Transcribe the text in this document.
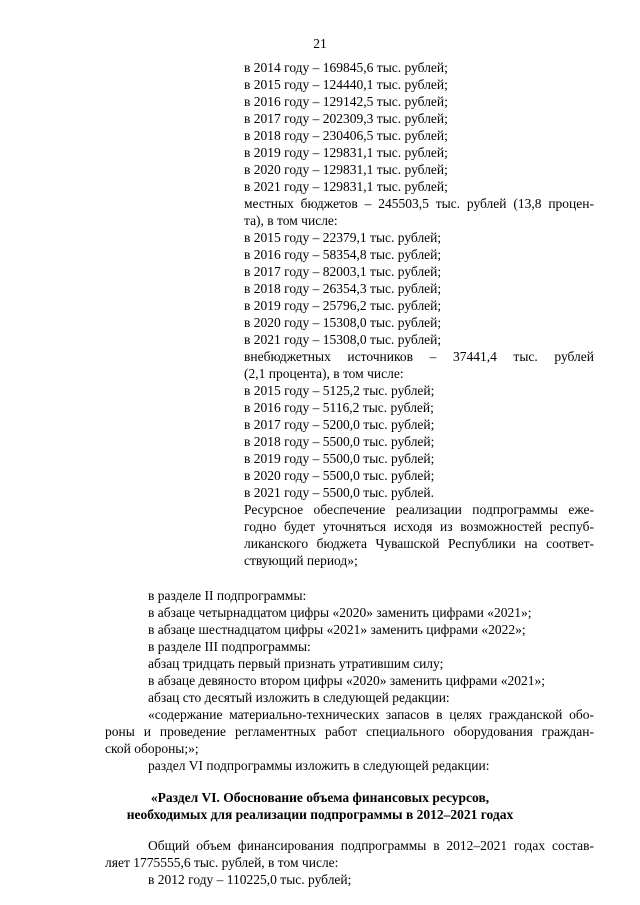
21
в 2014 году – 169845,6 тыс. рублей;
в 2015 году – 124440,1 тыс. рублей;
в 2016 году – 129142,5 тыс. рублей;
в 2017 году – 202309,3 тыс. рублей;
в 2018 году – 230406,5 тыс. рублей;
в 2019 году – 129831,1 тыс. рублей;
в 2020 году – 129831,1 тыс. рублей;
в 2021 году – 129831,1 тыс. рублей;
местных бюджетов – 245503,5 тыс. рублей (13,8 процен-
та), в том числе:
в 2015 году – 22379,1 тыс. рублей;
в 2016 году – 58354,8 тыс. рублей;
в 2017 году – 82003,1 тыс. рублей;
в 2018 году – 26354,3 тыс. рублей;
в 2019 году – 25796,2 тыс. рублей;
в 2020 году – 15308,0 тыс. рублей;
в 2021 году – 15308,0 тыс. рублей;
внебюджетных источников – 37441,4 тыс. рублей
(2,1 процента), в том числе:
в 2015 году – 5125,2 тыс. рублей;
в 2016 году – 5116,2 тыс. рублей;
в 2017 году – 5200,0 тыс. рублей;
в 2018 году – 5500,0 тыс. рублей;
в 2019 году – 5500,0 тыс. рублей;
в 2020 году – 5500,0 тыс. рублей;
в 2021 году – 5500,0 тыс. рублей.
Ресурсное обеспечение реализации подпрограммы еже-
годно будет уточняться исходя из возможностей респуб-
ликанского бюджета Чувашской Республики на соответ-
ствующий период»;
в разделе II подпрограммы:
в абзаце четырнадцатом цифры «2020» заменить цифрами «2021»;
в абзаце шестнадцатом цифры «2021» заменить цифрами «2022»;
в разделе III подпрограммы:
абзац тридцать первый признать утратившим силу;
в абзаце девяносто втором цифры «2020» заменить цифрами «2021»;
абзац сто десятый изложить в следующей редакции:
«содержание материально-технических запасов в целях гражданской обо-
роны и проведение регламентных работ специального оборудования граждан-
ской обороны;»;
раздел VI подпрограммы изложить в следующей редакции:
«Раздел VI. Обоснование объема финансовых ресурсов,
необходимых для реализации подпрограммы в 2012–2021 годах
Общий объем финансирования подпрограммы в 2012–2021 годах состав-
ляет 1775555,6 тыс. рублей, в том числе:
в 2012 году – 110225,0 тыс. рублей;
